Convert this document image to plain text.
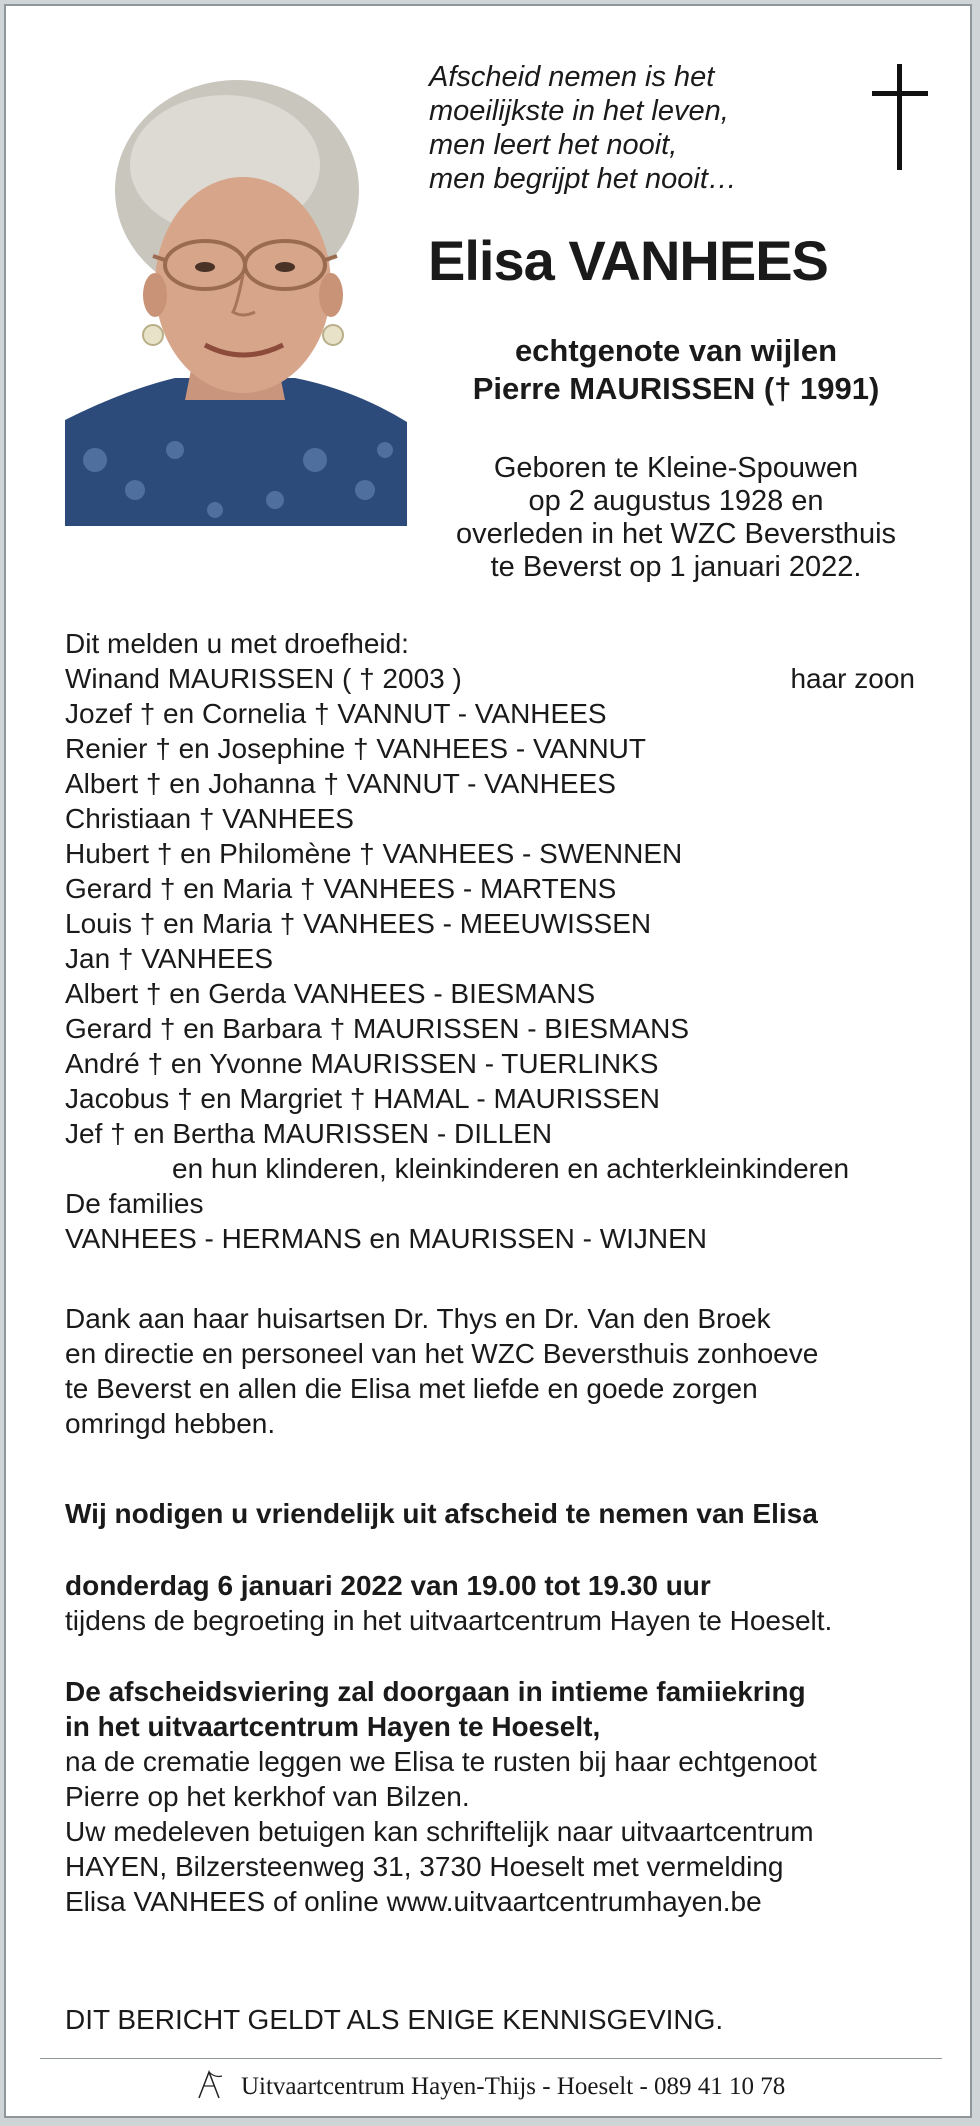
Afscheid nemen is het
moeilijkste in het leven,
men leert het nooit,
men begrijpt het nooit…
Elisa VANHEES
echtgenote van wijlen
Pierre MAURISSEN († 1991)
Geboren te Kleine-Spouwen
op 2 augustus 1928 en
overleden in het WZC Beversthuis
te Beverst op 1 januari 2022.
Dit melden u met droefheid:
Winand MAURISSEN ( † 2003 )	haar zoon
Jozef † en Cornelia † VANNUT - VANHEES
Renier † en Josephine † VANHEES - VANNUT
Albert † en Johanna † VANNUT - VANHEES
Christiaan † VANHEES
Hubert † en Philomène † VANHEES - SWENNEN
Gerard † en Maria † VANHEES - MARTENS
Louis † en Maria † VANHEES - MEEUWISSEN
Jan † VANHEES
Albert † en Gerda VANHEES - BIESMANS
Gerard † en Barbara † MAURISSEN - BIESMANS
André † en Yvonne MAURISSEN - TUERLINKS
Jacobus † en Margriet † HAMAL - MAURISSEN
Jef † en Bertha MAURISSEN - DILLEN
en hun klinderen, kleinkinderen en achterkleinkinderen
De families
VANHEES - HERMANS en MAURISSEN - WIJNEN
Dank aan haar huisartsen Dr. Thys en Dr. Van den Broek
en directie en personeel van het WZC Beversthuis zonhoeve
te Beverst en allen die Elisa met liefde en goede zorgen
omringd hebben.
Wij nodigen u vriendelijk uit afscheid te nemen van Elisa
donderdag 6 januari 2022 van 19.00 tot 19.30 uur
tijdens de begroeting in het uitvaartcentrum Hayen te Hoeselt.
De afscheidsviering zal doorgaan in intieme famiiekring
in het uitvaartcentrum Hayen te Hoeselt,
na de crematie leggen we Elisa te rusten bij haar echtgenoot
Pierre op het kerkhof van Bilzen.
Uw medeleven betuigen kan schriftelijk naar uitvaartcentrum
HAYEN, Bilzersteenweg 31, 3730 Hoeselt met vermelding
Elisa VANHEES of online www.uitvaartcentrumhayen.be
DIT BERICHT GELDT ALS ENIGE KENNISGEVING.
Uitvaartcentrum Hayen-Thijs - Hoeselt - 089 41 10 78
